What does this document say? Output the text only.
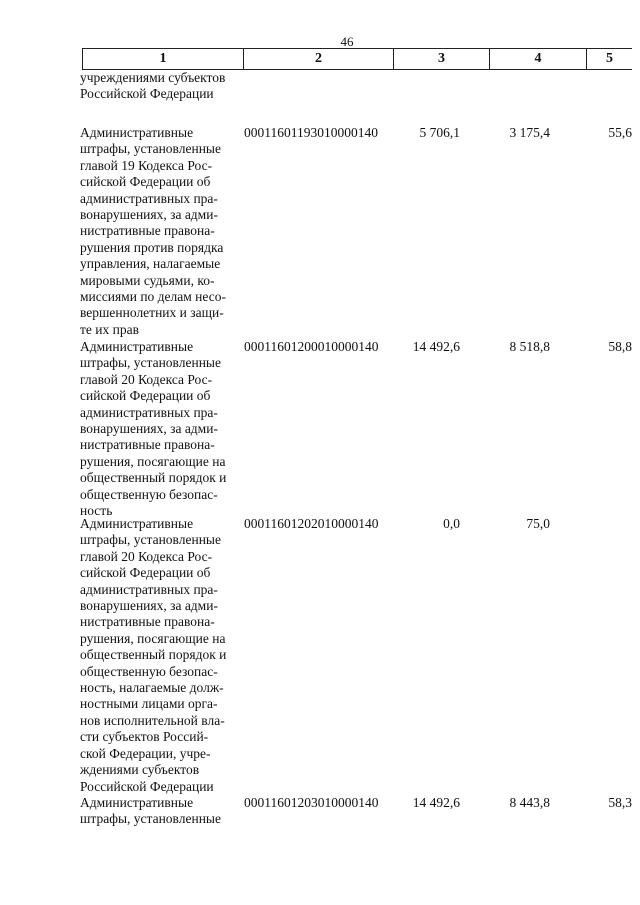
46
1	2	3	4	5
учреждениями субъектов
Российской Федерации
Административные
штрафы, установленные
главой 19 Кодекса Рос-
сийской Федерации об
административных пра-
вонарушениях, за адми-
нистративные правона-
рушения против порядка
управления, налагаемые
мировыми судьями, ко-
миссиями по делам несо-
вершеннолетних и защи-
те их прав
00011601193010000140	5 706,1	3 175,4	55,6
Административные
штрафы, установленные
главой 20 Кодекса Рос-
сийской Федерации об
административных пра-
вонарушениях, за адми-
нистративные правона-
рушения, посягающие на
общественный порядок и
общественную безопас-
ность
00011601200010000140	14 492,6	8 518,8	58,8
Административные
штрафы, установленные
главой 20 Кодекса Рос-
сийской Федерации об
административных пра-
вонарушениях, за адми-
нистративные правона-
рушения, посягающие на
общественный порядок и
общественную безопас-
ность, налагаемые долж-
ностными лицами орга-
нов исполнительной вла-
сти субъектов Россий-
ской Федерации, учре-
ждениями субъектов
Российской Федерации
00011601202010000140	0,0	75,0
Административные
штрафы, установленные
00011601203010000140	14 492,6	8 443,8	58,3
